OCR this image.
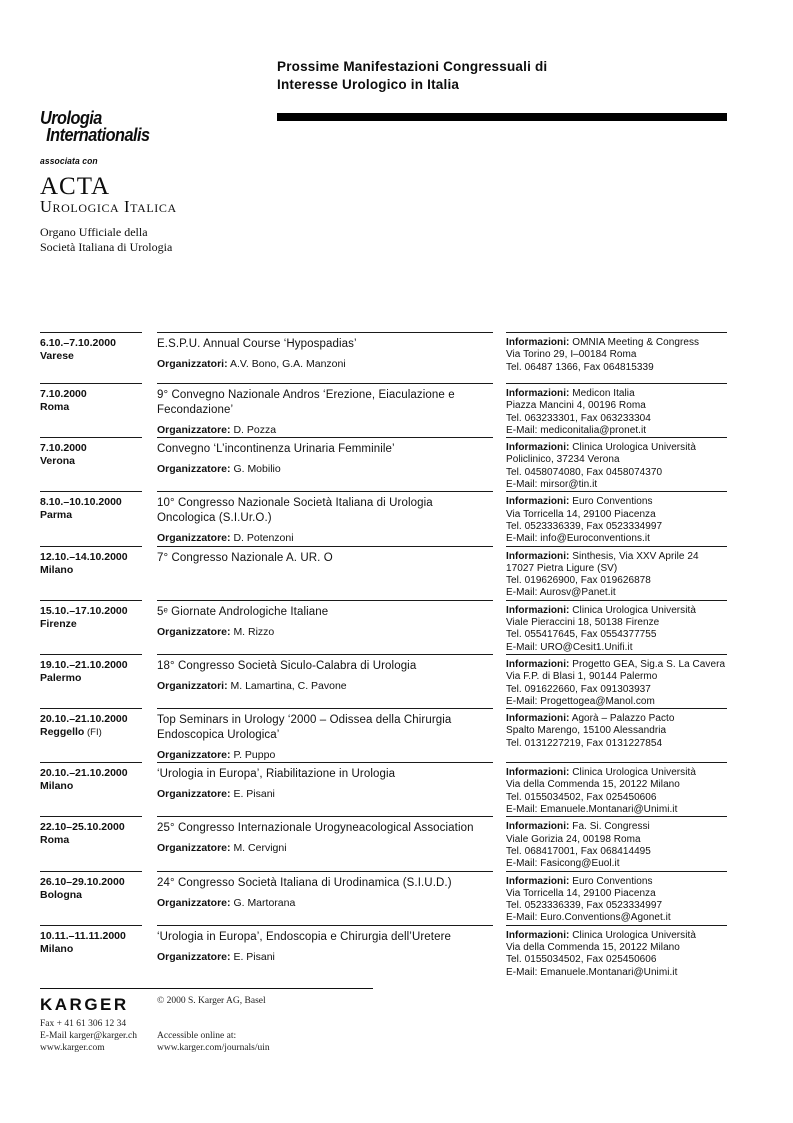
Prossime Manifestazioni Congressuali di
Interesse Urologico in Italia
Urologia
Internationalis
associata con
ACTA
Urologica Italica
Organo Ufficiale della
Società Italiana di Urologia
6.10.–7.10.2000
Varese
E.S.P.U. Annual Course ‘Hypospadias’
Organizzatori: A.V. Bono, G.A. Manzoni
Informazioni: OMNIA Meeting & Congress
Via Torino 29, I–00184 Roma
Tel. 06487 1366, Fax 064815339
7.10.2000
Roma
9° Convegno Nazionale Andros ‘Erezione, Eiaculazione e Fecondazione’
Organizzatore: D. Pozza
Informazioni: Medicon Italia
Piazza Mancini 4, 00196 Roma
Tel. 063233301, Fax 063233304
E-Mail: mediconitalia@pronet.it
7.10.2000
Verona
Convegno ‘L’incontinenza Urinaria Femminile’
Organizzatore: G. Mobilio
Informazioni: Clinica Urologica Università
Policlinico, 37234 Verona
Tel. 0458074080, Fax 0458074370
E-Mail: mirsor@tin.it
8.10.–10.10.2000
Parma
10° Congresso Nazionale Società Italiana di Urologia Oncologica (S.I.Ur.O.)
Organizzatore: D. Potenzoni
Informazioni: Euro Conventions
Via Torricella 14, 29100 Piacenza
Tel. 0523336339, Fax 0523334997
E-Mail: info@Euroconventions.it
12.10.–14.10.2000
Milano
7° Congresso Nazionale A. UR. O	Informazioni: Sinthesis, Via XXV Aprile 24
17027 Pietra Ligure (SV)
Tel. 019626900, Fax 019626878
E-Mail: Aurosv@Panet.it
15.10.–17.10.2000
Firenze
5ᵉ Giornate Andrologiche Italiane
Organizzatore: M. Rizzo
Informazioni: Clinica Urologica Università
Viale Pieraccini 18, 50138 Firenze
Tel. 055417645, Fax 0554377755
E-Mail: URO@Cesit1.Unifi.it
19.10.–21.10.2000
Palermo
18° Congresso Società Siculo-Calabra di Urologia
Organizzatori: M. Lamartina, C. Pavone
Informazioni: Progetto GEA, Sig.a S. La Cavera
Via F.P. di Blasi 1, 90144 Palermo
Tel. 091622660, Fax 091303937
E-Mail: Progettogea@Manol.com
20.10.–21.10.2000
Reggello (FI)
Top Seminars in Urology ‘2000 – Odissea della Chirurgia Endoscopica Urologica’
Organizzatore: P. Puppo
Informazioni: Agorà – Palazzo Pacto
Spalto Marengo, 15100 Alessandria
Tel. 0131227219, Fax 0131227854
20.10.–21.10.2000
Milano
‘Urologia in Europa’, Riabilitazione in Urologia
Organizzatore: E. Pisani
Informazioni: Clinica Urologica Università
Via della Commenda 15, 20122 Milano
Tel. 0155034502, Fax 025450606
E-Mail: Emanuele.Montanari@Unimi.it
22.10–25.10.2000
Roma
25° Congresso Internazionale Urogyneacological Association
Organizzatore: M. Cervigni
Informazioni: Fa. Si. Congressi
Viale Gorizia 24, 00198 Roma
Tel. 068417001, Fax 068414495
E-Mail: Fasicong@Euol.it
26.10–29.10.2000
Bologna
24° Congresso Società Italiana di Urodinamica (S.I.U.D.)
Organizzatore: G. Martorana
Informazioni: Euro Conventions
Via Torricella 14, 29100 Piacenza
Tel. 0523336339, Fax 0523334997
E-Mail: Euro.Conventions@Agonet.it
10.11.–11.11.2000
Milano
‘Urologia in Europa’, Endoscopia e Chirurgia dell’Uretere
Organizzatore: E. Pisani
Informazioni: Clinica Urologica Università
Via della Commenda 15, 20122 Milano
Tel. 0155034502, Fax 025450606
E-Mail: Emanuele.Montanari@Unimi.it
KARGER
Fax + 41 61 306 12 34
E-Mail karger@karger.ch
www.karger.com
© 2000 S. Karger AG, Basel
Accessible online at:
www.karger.com/journals/uin
